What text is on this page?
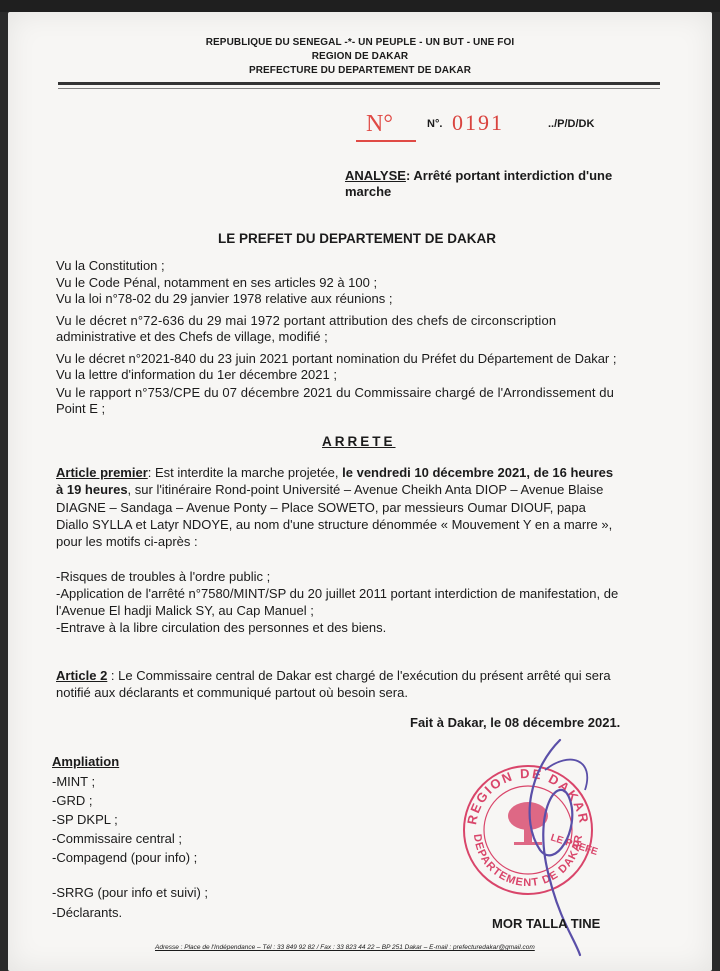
REPUBLIQUE DU SENEGAL -*- UN PEUPLE - UN BUT - UNE FOI
REGION DE DAKAR
PREFECTURE DU DEPARTEMENT DE DAKAR
N°	N°. 0191	../P/D/DK
ANALYSE: Arrêté portant interdiction d'une
marche
LE PREFET DU DEPARTEMENT DE DAKAR
Vu la Constitution ;
Vu le Code Pénal, notamment en ses articles 92 à 100 ;
Vu la loi n°78-02 du 29 janvier 1978 relative aux réunions ;
Vu le décret n°72-636 du 29 mai 1972 portant attribution des chefs de circonscription
administrative et des Chefs de village, modifié ;
Vu le décret n°2021-840 du 23 juin 2021 portant nomination du Préfet du Département de Dakar ;
Vu la lettre d'information du 1er décembre 2021 ;
Vu le rapport n°753/CPE du 07 décembre 2021 du Commissaire chargé de l'Arrondissement du
Point E ;
ARRETE
Article premier: Est interdite la marche projetée, le vendredi 10 décembre 2021, de 16 heures
à 19 heures, sur l'itinéraire Rond-point Université – Avenue Cheikh Anta DIOP – Avenue Blaise
DIAGNE – Sandaga – Avenue Ponty – Place SOWETO, par messieurs Oumar DIOUF, papa
Diallo SYLLA et Latyr NDOYE, au nom d'une structure dénommée « Mouvement Y en a marre »,
pour les motifs ci-après :
-Risques de troubles à l'ordre public ;
-Application de l'arrêté n°7580/MINT/SP du 20 juillet 2011 portant interdiction de manifestation, de
l'Avenue El hadji Malick SY, au Cap Manuel ;
-Entrave à la libre circulation des personnes et des biens.
Article 2 : Le Commissaire central de Dakar est chargé de l'exécution du présent arrêté qui sera
notifié aux déclarants et communiqué partout où besoin sera.
Fait à Dakar, le 08 décembre 2021.
Ampliation
-MINT ;
-GRD ;
-SP DKPL ;
-Commissaire central ;
-Compagend (pour info) ;
-SRRG (pour info et suivi) ;
-Déclarants.
REGION DE DAKAR
DEPARTEMENT DE DAKAR
LE PREFET
MOR TALLA TINE
Adresse : Place de l'Indépendance – Tél : 33 849 92 82 / Fax : 33 823 44 22 – BP 251 Dakar – E-mail : prefecturedakar@gmail.com
